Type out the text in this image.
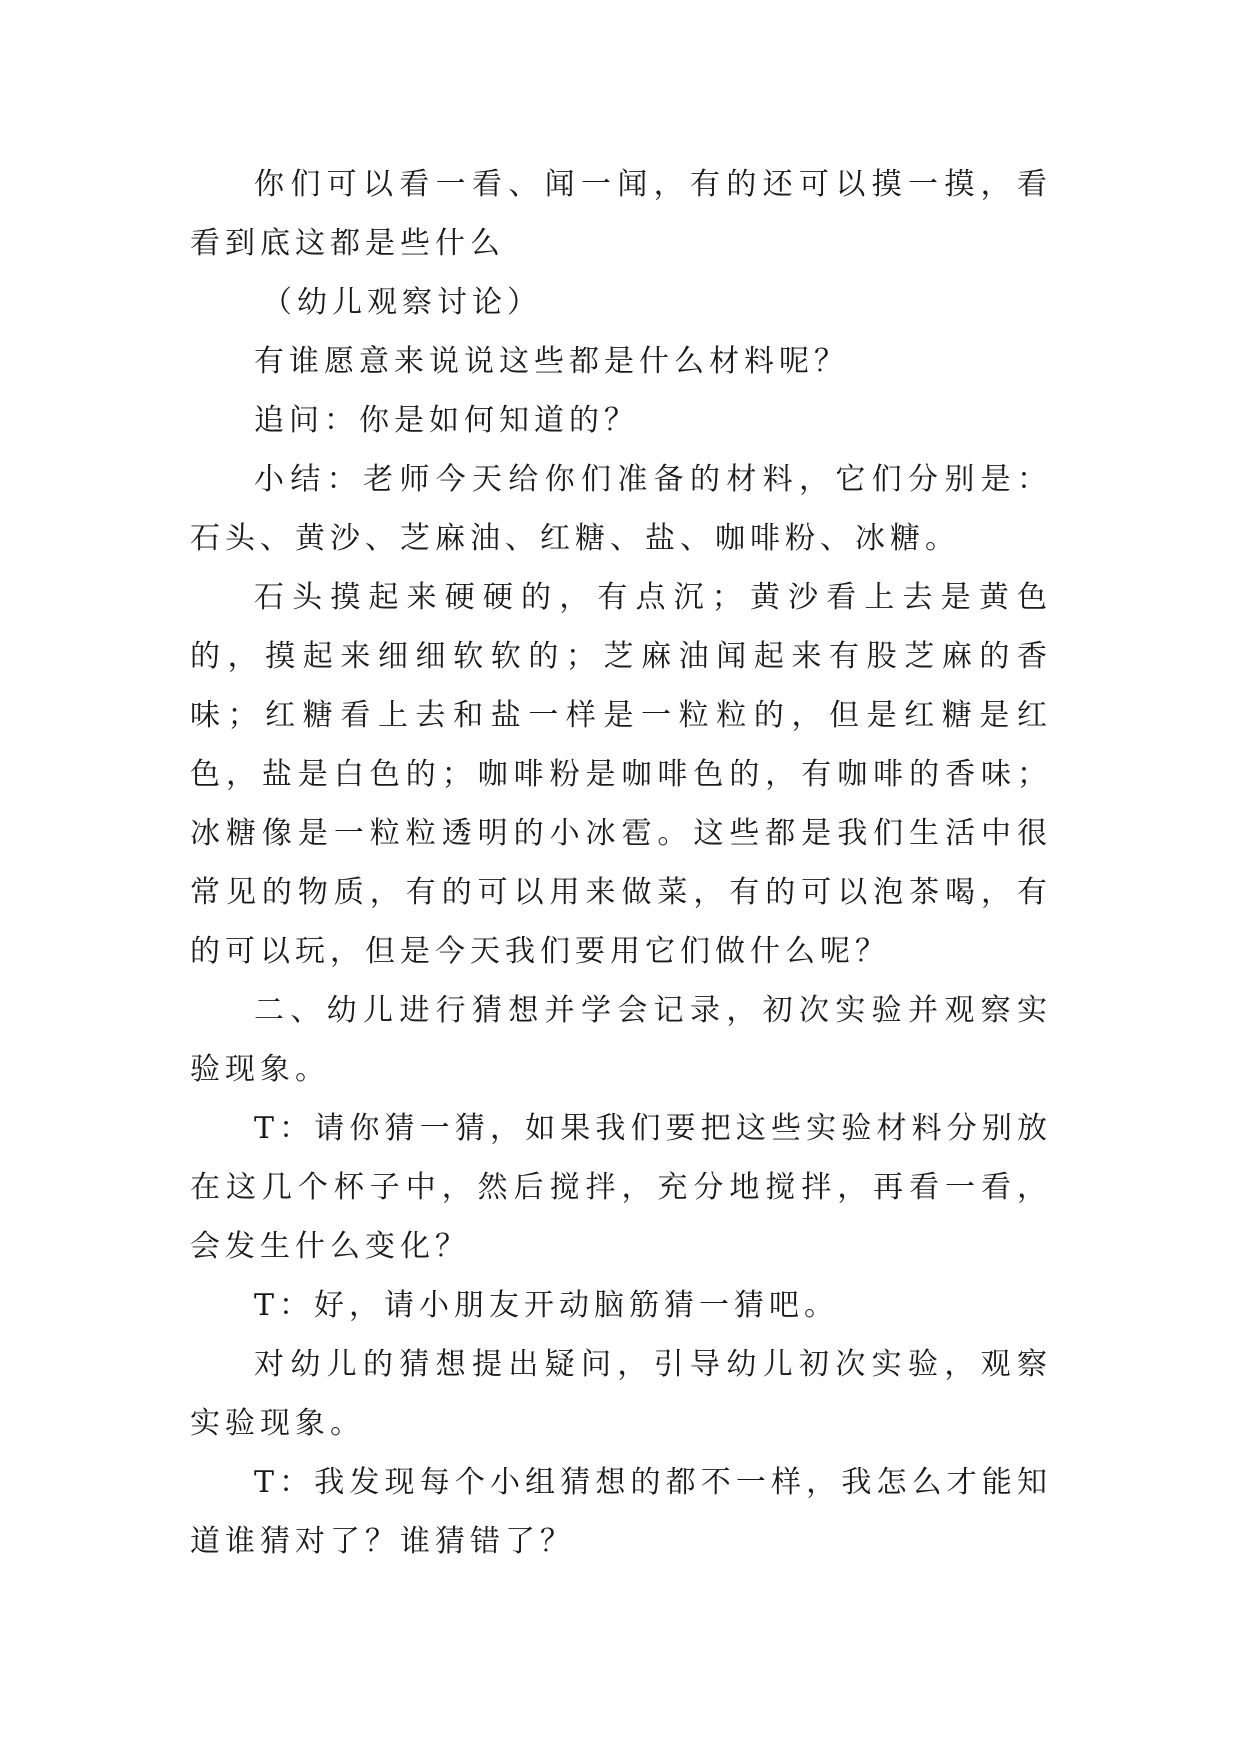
你们可以看一看、闻一闻，有的还可以摸一摸，看看到底这都是些什么

（幼儿观察讨论）

有谁愿意来说说这些都是什么材料呢？

追问：你是如何知道的？

小结：老师今天给你们准备的材料，它们分别是：石头、黄沙、芝麻油、红糖、盐、咖啡粉、冰糖。

石头摸起来硬硬的，有点沉；黄沙看上去是黄色的，摸起来细细软软的；芝麻油闻起来有股芝麻的香味；红糖看上去和盐一样是一粒粒的，但是红糖是红色，盐是白色的；咖啡粉是咖啡色的，有咖啡的香味；冰糖像是一粒粒透明的小冰雹。这些都是我们生活中很常见的物质，有的可以用来做菜，有的可以泡茶喝，有的可以玩，但是今天我们要用它们做什么呢？

二、幼儿进行猜想并学会记录，初次实验并观察实验现象。

T：请你猜一猜，如果我们要把这些实验材料分别放在这几个杯子中，然后搅拌，充分地搅拌，再看一看，会发生什么变化？

T：好，请小朋友开动脑筋猜一猜吧。

对幼儿的猜想提出疑问，引导幼儿初次实验，观察实验现象。

T：我发现每个小组猜想的都不一样，我怎么才能知道谁猜对了？谁猜错了？
